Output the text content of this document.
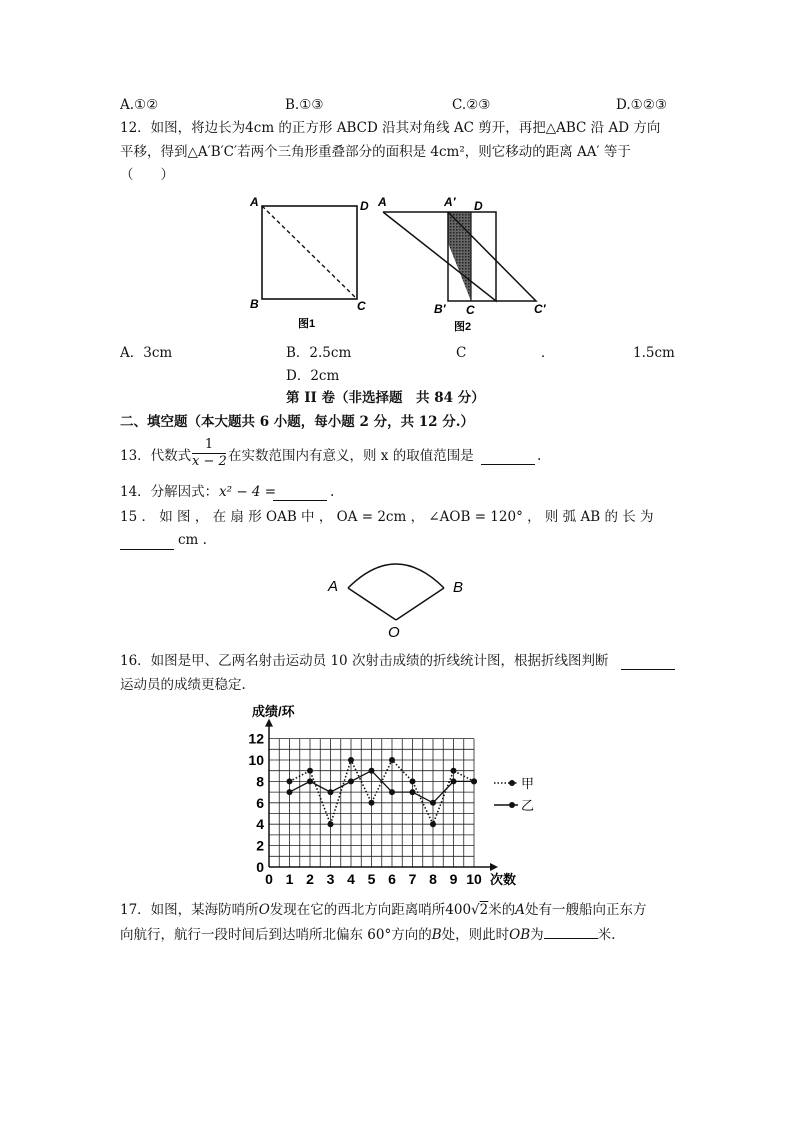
A.①②	B.①③	C.②③	D.①②③
12．如图，将边长为4cm 的正方形 ABCD 沿其对角线 AC 剪开，再把△ABC 沿 AD 方向
平移，得到△A′B′C′若两个三角形重叠部分的面积是 4cm²，则它移动的距离 AA′ 等于
（　　）
A	D
B	C
图1
A	A′ D
B′ C	C′
图2
A．3cm	B．2.5cm	C	．	1.5cm
D．2cm
第 II 卷（非选择题　共 84 分）
二、填空题（本大题共 6 小题，每小题 2 分，共 12 分.）
13．代数式 $\frac{1}{x - 2}$ 在实数范围内有意义，则 x 的取值范围是	.
14．分解因式： x² − 4 =	.
15 ． 如 图 ， 在 扇 形 OAB 中 ， OA = 2cm ， ∠AOB = 120° ， 则 弧 AB 的 长 为
cm .
A	B
O
16．如图是甲、乙两名射击运动员 10 次射击成绩的折线统计图，根据折线图判断
运动员的成绩更稳定.
0
2
4
6
8
10
12
0 1 2 3 4 5 6 7 8 9 10
成绩/环
次数
甲
乙
17．如图，某海防哨所O发现在它的西北方向距离哨所400√2米的A处有一艘船向正东方
向航行，航行一段时间后到达哨所北偏东 60°方向的B处，则此时OB为	米.
